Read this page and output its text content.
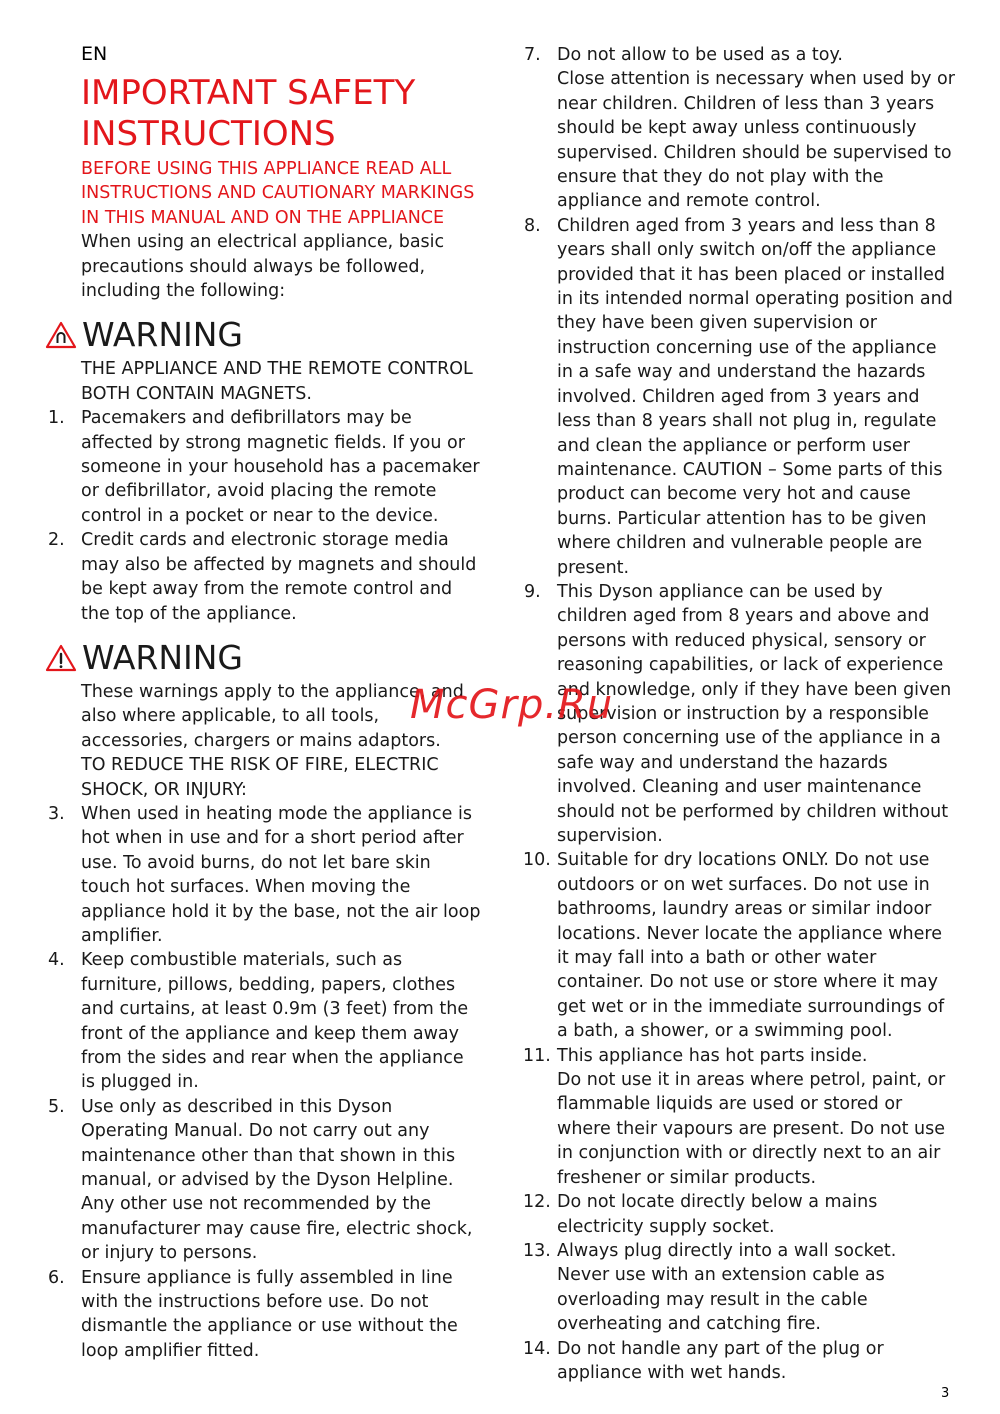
EN
IMPORTANT SAFETY INSTRUCTIONS
BEFORE USING THIS APPLIANCE READ ALL INSTRUCTIONS AND CAUTIONARY MARKINGS IN THIS MANUAL AND ON THE APPLIANCE
When using an electrical appliance, basic precautions should always be followed, including the following:
WARNING
THE APPLIANCE AND THE REMOTE CONTROL BOTH CONTAIN MAGNETS.
1. Pacemakers and defibrillators may be affected by strong magnetic fields. If you or someone in your household has a pacemaker or defibrillator, avoid placing the remote control in a pocket or near to the device.
2. Credit cards and electronic storage media may also be affected by magnets and should be kept away from the remote control and the top of the appliance.
WARNING
These warnings apply to the appliance, and also where applicable, to all tools, accessories, chargers or mains adaptors.
TO REDUCE THE RISK OF FIRE, ELECTRIC SHOCK, OR INJURY:
3. When used in heating mode the appliance is hot when in use and for a short period after use. To avoid burns, do not let bare skin touch hot surfaces. When moving the appliance hold it by the base, not the air loop amplifier.
4. Keep combustible materials, such as furniture, pillows, bedding, papers, clothes and curtains, at least 0.9m (3 feet) from the front of the appliance and keep them away from the sides and rear when the appliance is plugged in.
5. Use only as described in this Dyson Operating Manual. Do not carry out any maintenance other than that shown in this manual, or advised by the Dyson Helpline. Any other use not recommended by the manufacturer may cause fire, electric shock, or injury to persons.
6. Ensure appliance is fully assembled in line with the instructions before use. Do not dismantle the appliance or use without the loop amplifier fitted.
7. Do not allow to be used as a toy.
Close attention is necessary when used by or near children. Children of less than 3 years should be kept away unless continuously supervised. Children should be supervised to ensure that they do not play with the appliance and remote control.
8. Children aged from 3 years and less than 8 years shall only switch on/off the appliance provided that it has been placed or installed in its intended normal operating position and they have been given supervision or instruction concerning use of the appliance in a safe way and understand the hazards involved. Children aged from 3 years and less than 8 years shall not plug in, regulate and clean the appliance or perform user maintenance. CAUTION – Some parts of this product can become very hot and cause burns. Particular attention has to be given where children and vulnerable people are present.
9. This Dyson appliance can be used by children aged from 8 years and above and persons with reduced physical, sensory or reasoning capabilities, or lack of experience and knowledge, only if they have been given supervision or instruction by a responsible person concerning use of the appliance in a safe way and understand the hazards involved. Cleaning and user maintenance should not be performed by children without supervision.
10. Suitable for dry locations ONLY. Do not use outdoors or on wet surfaces. Do not use in bathrooms, laundry areas or similar indoor locations. Never locate the appliance where it may fall into a bath or other water container. Do not use or store where it may get wet or in the immediate surroundings of a bath, a shower, or a swimming pool.
11. This appliance has hot parts inside.
Do not use it in areas where petrol, paint, or flammable liquids are used or stored or where their vapours are present. Do not use in conjunction with or directly next to an air freshener or similar products.
12. Do not locate directly below a mains electricity supply socket.
13. Always plug directly into a wall socket.
Never use with an extension cable as overloading may result in the cable overheating and catching fire.
14. Do not handle any part of the plug or appliance with wet hands.
McGrp.Ru
3
